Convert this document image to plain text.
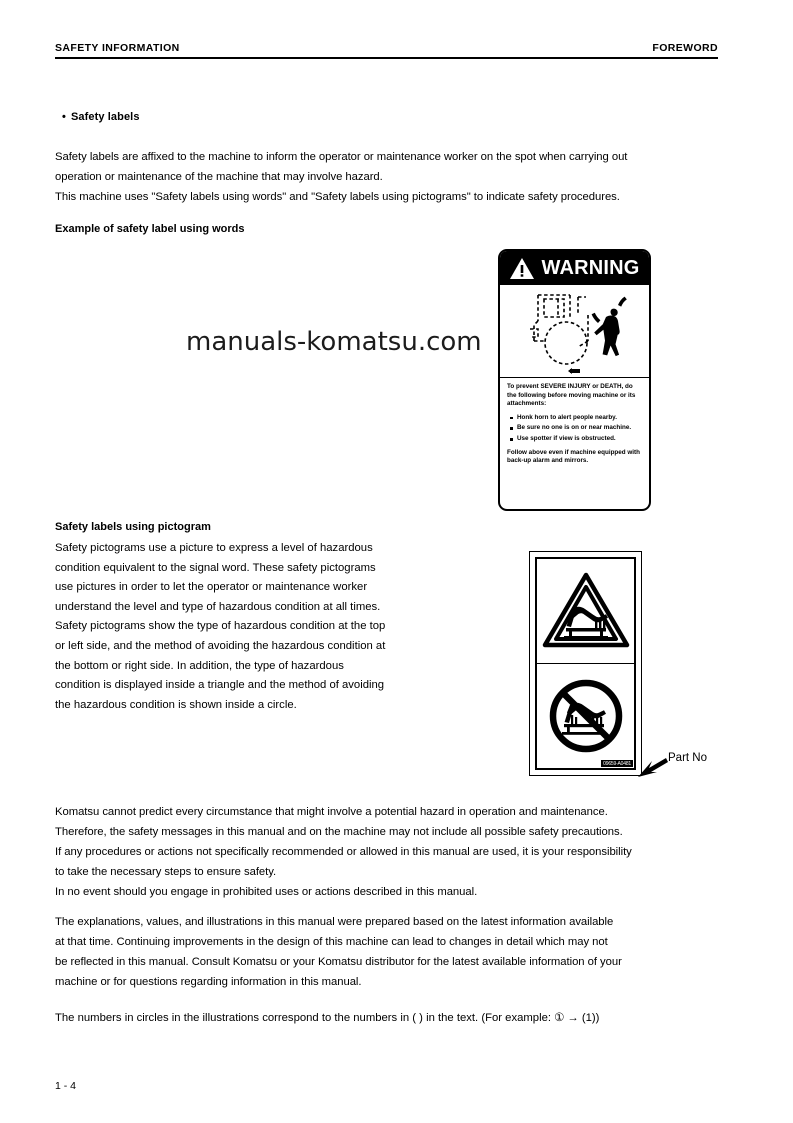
SAFETY INFORMATION	FOREWORD
• Safety labels
Safety labels are affixed to the machine to inform the operator or maintenance worker on the spot when carrying out
operation or maintenance of the machine that may involve hazard.
This machine uses "Safety labels using words" and "Safety labels using pictograms" to indicate safety procedures.
Example of safety label using words
manuals-komatsu.com
WARNING
To prevent SEVERE INJURY or DEATH, do the following before moving machine or its attachments:
Honk horn to alert people nearby.
Be sure no one is on or near machine.
Use spotter if view is obstructed.
Follow above even if machine equipped with back-up alarm and mirrors.
Safety labels using pictogram
Safety pictograms use a picture to express a level of hazardous
condition equivalent to the signal word. These safety pictograms
use pictures in order to let the operator or maintenance worker
understand the level and type of hazardous condition at all times.
Safety pictograms show the type of hazardous condition at the top
or left side, and the method of avoiding the hazardous condition at
the bottom or right side. In addition, the type of hazardous
condition is displayed inside a triangle and the method of avoiding
the hazardous condition is shown inside a circle.
09659-A0481	Part No
Komatsu cannot predict every circumstance that might involve a potential hazard in operation and maintenance.
Therefore, the safety messages in this manual and on the machine may not include all possible safety precautions.
If any procedures or actions not specifically recommended or allowed in this manual are used, it is your responsibility
to take the necessary steps to ensure safety.
In no event should you engage in prohibited uses or actions described in this manual.
The explanations, values, and illustrations in this manual were prepared based on the latest information available
at that time. Continuing improvements in the design of this machine can lead to changes in detail which may not
be reflected in this manual. Consult Komatsu or your Komatsu distributor for the latest available information of your
machine or for questions regarding information in this manual.
The numbers in circles in the illustrations correspond to the numbers in ( ) in the text. (For example: ① → (1))
1 - 4
